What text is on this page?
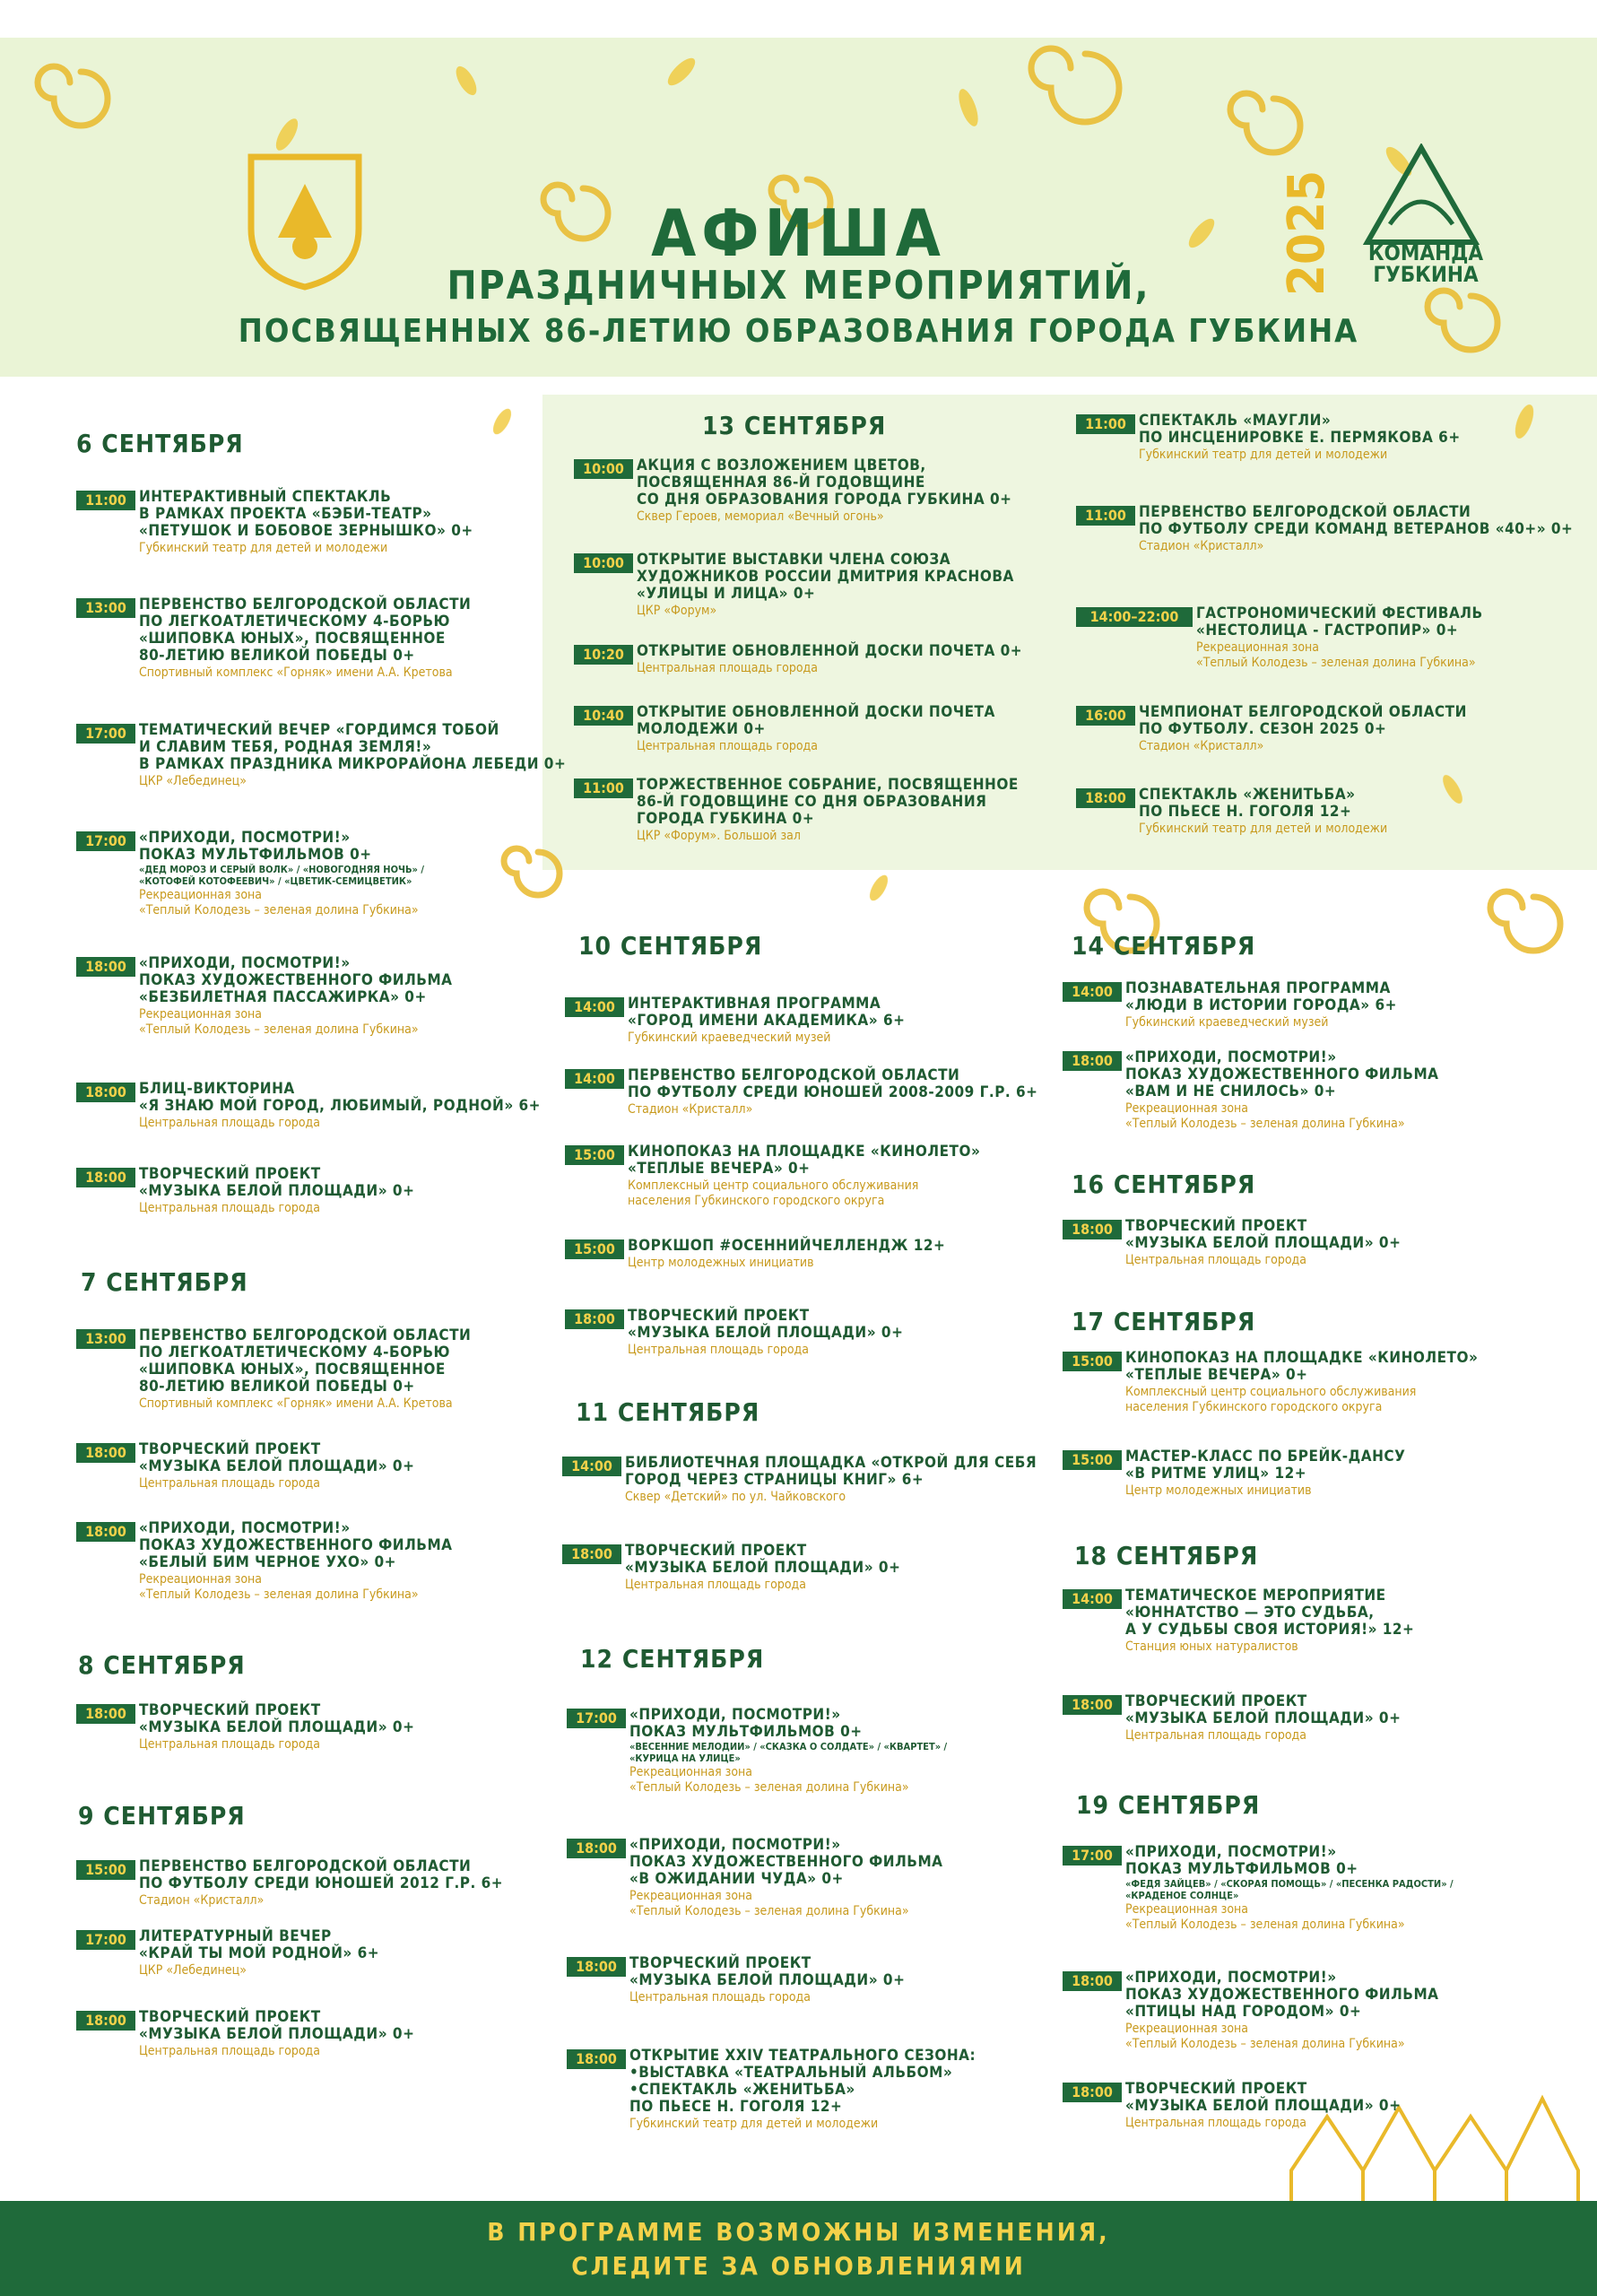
2025 КОМАНДА ГУБКИНА
АФИША
ПРАЗДНИЧНЫХ МЕРОПРИЯТИЙ,
ПОСВЯЩЕННЫХ 86-ЛЕТИЮ ОБРАЗОВАНИЯ ГОРОДА ГУБКИНА
6 СЕНТЯБРЯ
11:00 ИНТЕРАКТИВНЫЙ СПЕКТАКЛЬ
В РАМКАХ ПРОЕКТА «БЭБИ-ТЕАТР»
«ПЕТУШОК И БОБОВОЕ ЗЕРНЫШКО» 0+
Губкинский театр для детей и молодежи
13:00 ПЕРВЕНСТВО БЕЛГОРОДСКОЙ ОБЛАСТИ
ПО ЛЕГКОАТЛЕТИЧЕСКОМУ 4-БОРЬЮ
«ШИПОВКА ЮНЫХ», ПОСВЯЩЕННОЕ
80-ЛЕТИЮ ВЕЛИКОЙ ПОБЕДЫ 0+
Спортивный комплекс «Горняк» имени А.А. Кретова
17:00 ТЕМАТИЧЕСКИЙ ВЕЧЕР «ГОРДИМСЯ ТОБОЙ
И СЛАВИМ ТЕБЯ, РОДНАЯ ЗЕМЛЯ!»
В РАМКАХ ПРАЗДНИКА МИКРОРАЙОНА ЛЕБЕДИ 0+
ЦКР «Лебединец»
17:00 «ПРИХОДИ, ПОСМОТРИ!»
ПОКАЗ МУЛЬТФИЛЬМОВ 0+
«ДЕД МОРОЗ И СЕРЫЙ ВОЛК» / «НОВОГОДНЯЯ НОЧЬ» /
«КОТОФЕЙ КОТОФЕЕВИЧ» / «ЦВЕТИК-СЕМИЦВЕТИК»
Рекреационная зона
«Теплый Колодезь – зеленая долина Губкина»
18:00 «ПРИХОДИ, ПОСМОТРИ!»
ПОКАЗ ХУДОЖЕСТВЕННОГО ФИЛЬМА
«БЕЗБИЛЕТНАЯ ПАССАЖИРКА» 0+
Рекреационная зона
«Теплый Колодезь – зеленая долина Губкина»
18:00 БЛИЦ-ВИКТОРИНА
«Я ЗНАЮ МОЙ ГОРОД, ЛЮБИМЫЙ, РОДНОЙ» 6+
Центральная площадь города
18:00 ТВОРЧЕСКИЙ ПРОЕКТ
«МУЗЫКА БЕЛОЙ ПЛОЩАДИ» 0+
Центральная площадь города
7 СЕНТЯБРЯ
13:00 ПЕРВЕНСТВО БЕЛГОРОДСКОЙ ОБЛАСТИ
ПО ЛЕГКОАТЛЕТИЧЕСКОМУ 4-БОРЬЮ
«ШИПОВКА ЮНЫХ», ПОСВЯЩЕННОЕ
80-ЛЕТИЮ ВЕЛИКОЙ ПОБЕДЫ 0+
Спортивный комплекс «Горняк» имени А.А. Кретова
18:00 ТВОРЧЕСКИЙ ПРОЕКТ
«МУЗЫКА БЕЛОЙ ПЛОЩАДИ» 0+
Центральная площадь города
18:00 «ПРИХОДИ, ПОСМОТРИ!»
ПОКАЗ ХУДОЖЕСТВЕННОГО ФИЛЬМА
«БЕЛЫЙ БИМ ЧЕРНОЕ УХО» 0+
Рекреационная зона
«Теплый Колодезь – зеленая долина Губкина»
8 СЕНТЯБРЯ
18:00 ТВОРЧЕСКИЙ ПРОЕКТ
«МУЗЫКА БЕЛОЙ ПЛОЩАДИ» 0+
Центральная площадь города
9 СЕНТЯБРЯ
15:00 ПЕРВЕНСТВО БЕЛГОРОДСКОЙ ОБЛАСТИ
ПО ФУТБОЛУ СРЕДИ ЮНОШЕЙ 2012 Г.Р. 6+
Стадион «Кристалл»
17:00 ЛИТЕРАТУРНЫЙ ВЕЧЕР
«КРАЙ ТЫ МОЙ РОДНОЙ» 6+
ЦКР «Лебединец»
18:00 ТВОРЧЕСКИЙ ПРОЕКТ
«МУЗЫКА БЕЛОЙ ПЛОЩАДИ» 0+
Центральная площадь города
13 СЕНТЯБРЯ
10:00 АКЦИЯ С ВОЗЛОЖЕНИЕМ ЦВЕТОВ,
ПОСВЯЩЕННАЯ 86-Й ГОДОВЩИНЕ
СО ДНЯ ОБРАЗОВАНИЯ ГОРОДА ГУБКИНА 0+
Сквер Героев, мемориал «Вечный огонь»
10:00 ОТКРЫТИЕ ВЫСТАВКИ ЧЛЕНА СОЮЗА
ХУДОЖНИКОВ РОССИИ ДМИТРИЯ КРАСНОВА
«УЛИЦЫ И ЛИЦА» 0+
ЦКР «Форум»
10:20 ОТКРЫТИЕ ОБНОВЛЕННОЙ ДОСКИ ПОЧЕТА 0+
Центральная площадь города
10:40 ОТКРЫТИЕ ОБНОВЛЕННОЙ ДОСКИ ПОЧЕТА
МОЛОДЕЖИ 0+
Центральная площадь города
11:00 ТОРЖЕСТВЕННОЕ СОБРАНИЕ, ПОСВЯЩЕННОЕ
86-Й ГОДОВЩИНЕ СО ДНЯ ОБРАЗОВАНИЯ
ГОРОДА ГУБКИНА 0+
ЦКР «Форум». Большой зал
11:00 СПЕКТАКЛЬ «МАУГЛИ»
ПО ИНСЦЕНИРОВКЕ Е. ПЕРМЯКОВА 6+
Губкинский театр для детей и молодежи
11:00 ПЕРВЕНСТВО БЕЛГОРОДСКОЙ ОБЛАСТИ
ПО ФУТБОЛУ СРЕДИ КОМАНД ВЕТЕРАНОВ «40+» 0+
Стадион «Кристалл»
14:00–22:00	ГАСТРОНОМИЧЕСКИЙ ФЕСТИВАЛЬ
«НЕСТОЛИЦА - ГАСТРОПИР» 0+
Рекреационная зона
«Теплый Колодезь – зеленая долина Губкина»
16:00 ЧЕМПИОНАТ БЕЛГОРОДСКОЙ ОБЛАСТИ
ПО ФУТБОЛУ. СЕЗОН 2025 0+
Стадион «Кристалл»
18:00 СПЕКТАКЛЬ «ЖЕНИТЬБА»
ПО ПЬЕСЕ Н. ГОГОЛЯ 12+
Губкинский театр для детей и молодежи
10 СЕНТЯБРЯ
14:00 ИНТЕРАКТИВНАЯ ПРОГРАММА
«ГОРОД ИМЕНИ АКАДЕМИКА» 6+
Губкинский краеведческий музей
14:00 ПЕРВЕНСТВО БЕЛГОРОДСКОЙ ОБЛАСТИ
ПО ФУТБОЛУ СРЕДИ ЮНОШЕЙ 2008-2009 Г.Р. 6+
Стадион «Кристалл»
15:00 КИНОПОКАЗ НА ПЛОЩАДКЕ «КИНОЛЕТО»
«ТЕПЛЫЕ ВЕЧЕРА» 0+
Комплексный центр социального обслуживания
населения Губкинского городского округа
15:00 ВОРКШОП #ОСЕННИЙЧЕЛЛЕНДЖ 12+
Центр молодежных инициатив
18:00 ТВОРЧЕСКИЙ ПРОЕКТ
«МУЗЫКА БЕЛОЙ ПЛОЩАДИ» 0+
Центральная площадь города
11 СЕНТЯБРЯ
14:00 БИБЛИОТЕЧНАЯ ПЛОЩАДКА «ОТКРОЙ ДЛЯ СЕБЯ
ГОРОД ЧЕРЕЗ СТРАНИЦЫ КНИГ» 6+
Сквер «Детский» по ул. Чайковского
18:00 ТВОРЧЕСКИЙ ПРОЕКТ
«МУЗЫКА БЕЛОЙ ПЛОЩАДИ» 0+
Центральная площадь города
12 СЕНТЯБРЯ
17:00 «ПРИХОДИ, ПОСМОТРИ!»
ПОКАЗ МУЛЬТФИЛЬМОВ 0+
«ВЕСЕННИЕ МЕЛОДИИ» / «СКАЗКА О СОЛДАТЕ» / «КВАРТЕТ» /
«КУРИЦА НА УЛИЦЕ»
Рекреационная зона
«Теплый Колодезь – зеленая долина Губкина»
18:00 «ПРИХОДИ, ПОСМОТРИ!»
ПОКАЗ ХУДОЖЕСТВЕННОГО ФИЛЬМА
«В ОЖИДАНИИ ЧУДА» 0+
Рекреационная зона
«Теплый Колодезь – зеленая долина Губкина»
18:00 ТВОРЧЕСКИЙ ПРОЕКТ
«МУЗЫКА БЕЛОЙ ПЛОЩАДИ» 0+
Центральная площадь города
18:00 ОТКРЫТИЕ XXIV ТЕАТРАЛЬНОГО СЕЗОНА:
•ВЫСТАВКА «ТЕАТРАЛЬНЫЙ АЛЬБОМ»
•СПЕКТАКЛЬ «ЖЕНИТЬБА»
ПО ПЬЕСЕ Н. ГОГОЛЯ 12+
Губкинский театр для детей и молодежи
14 СЕНТЯБРЯ
14:00 ПОЗНАВАТЕЛЬНАЯ ПРОГРАММА
«ЛЮДИ В ИСТОРИИ ГОРОДА» 6+
Губкинский краеведческий музей
18:00 «ПРИХОДИ, ПОСМОТРИ!»
ПОКАЗ ХУДОЖЕСТВЕННОГО ФИЛЬМА
«ВАМ И НЕ СНИЛОСЬ» 0+
Рекреационная зона
«Теплый Колодезь – зеленая долина Губкина»
16 СЕНТЯБРЯ
18:00 ТВОРЧЕСКИЙ ПРОЕКТ
«МУЗЫКА БЕЛОЙ ПЛОЩАДИ» 0+
Центральная площадь города
17 СЕНТЯБРЯ
15:00 КИНОПОКАЗ НА ПЛОЩАДКЕ «КИНОЛЕТО»
«ТЕПЛЫЕ ВЕЧЕРА» 0+
Комплексный центр социального обслуживания
населения Губкинского городского округа
15:00 МАСТЕР-КЛАСС ПО БРЕЙК-ДАНСУ
«В РИТМЕ УЛИЦ» 12+
Центр молодежных инициатив
18 СЕНТЯБРЯ
14:00 ТЕМАТИЧЕСКОЕ МЕРОПРИЯТИЕ
«ЮННАТСТВО — ЭТО СУДЬБА,
А У СУДЬБЫ СВОЯ ИСТОРИЯ!» 12+
Станция юных натуралистов
18:00 ТВОРЧЕСКИЙ ПРОЕКТ
«МУЗЫКА БЕЛОЙ ПЛОЩАДИ» 0+
Центральная площадь города
19 СЕНТЯБРЯ
17:00 «ПРИХОДИ, ПОСМОТРИ!»
ПОКАЗ МУЛЬТФИЛЬМОВ 0+
«ФЕДЯ ЗАЙЦЕВ» / «СКОРАЯ ПОМОЩЬ» / «ПЕСЕНКА РАДОСТИ» /
«КРАДЕНОЕ СОЛНЦЕ»
Рекреационная зона
«Теплый Колодезь – зеленая долина Губкина»
18:00 «ПРИХОДИ, ПОСМОТРИ!»
ПОКАЗ ХУДОЖЕСТВЕННОГО ФИЛЬМА
«ПТИЦЫ НАД ГОРОДОМ» 0+
Рекреационная зона
«Теплый Колодезь – зеленая долина Губкина»
18:00 ТВОРЧЕСКИЙ ПРОЕКТ
«МУЗЫКА БЕЛОЙ ПЛОЩАДИ» 0+
Центральная площадь города
В ПРОГРАММЕ ВОЗМОЖНЫ ИЗМЕНЕНИЯ,
СЛЕДИТЕ ЗА ОБНОВЛЕНИЯМИ
